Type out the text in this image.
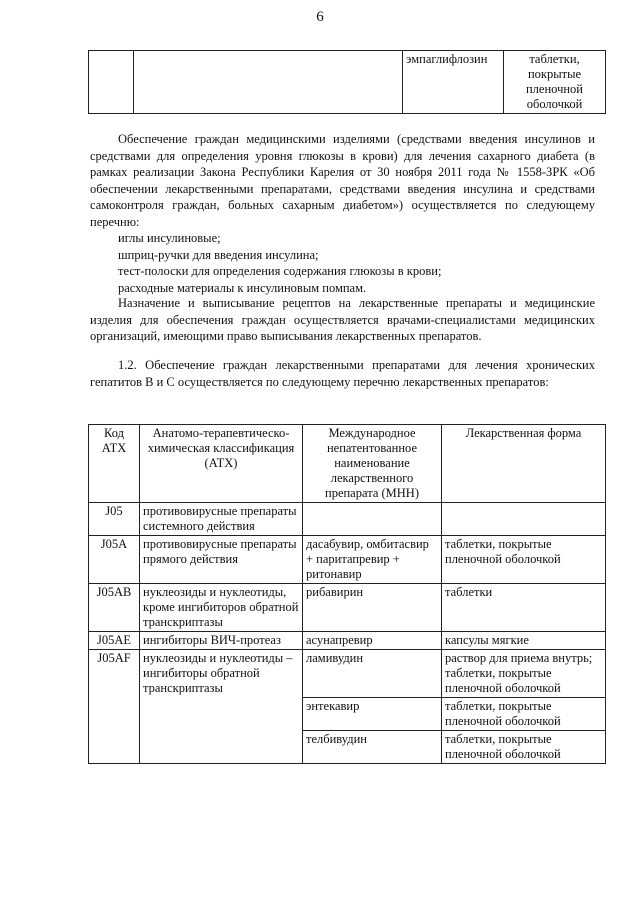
6
		эмпаглифлозин	таблетки, покрытые пленочной оболочкой

Обеспечение граждан медицинскими изделиями (средствами введения инсулинов и средствами для определения уровня глюкозы в крови) для лечения сахарного диабета (в рамках реализации Закона Республики Карелия от 30 ноября 2011 года № 1558-ЗРК «Об обеспечении лекарственными препаратами, средствами введения инсулина и средствами самоконтроля граждан, больных сахарным диабетом») осуществляется по следующему перечню:

иглы инсулиновые;

шприц-ручки для введения инсулина;

тест-полоски для определения содержания глюкозы в крови;

расходные материалы к инсулиновым помпам.

Назначение и выписывание рецептов на лекарственные препараты и медицинские изделия для обеспечения граждан осуществляется врачами-специалистами медицинских организаций, имеющими право выписывания лекарственных препаратов.

1.2. Обеспечение граждан лекарственными препаратами для лечения хронических гепатитов В и С осуществляется по следующему перечню лекарственных препаратов:

Код АТХ	Анатомо-терапевтическо-химическая классификация (АТХ)	Международное непатентованное наименование лекарственного препарата (МНН)	Лекарственная форма
J05	противовирусные препараты системного действия		
J05A	противовирусные препараты прямого действия	дасабувир, омбитасвир + паритапревир + ритонавир	таблетки, покрытые пленочной оболочкой
J05AB	нуклеозиды и нуклеотиды, кроме ингибиторов обратной транскриптазы	рибавирин	таблетки
J05AE	ингибиторы ВИЧ-протеаз	асунапревир	капсулы мягкие
J05AF	нуклеозиды и нуклеотиды – ингибиторы обратной транскриптазы	ламивудин	раствор для приема внутрь; таблетки, покрытые пленочной оболочкой
		энтекавир	таблетки, покрытые пленочной оболочкой
		телбивудин	таблетки, покрытые пленочной оболочкой
